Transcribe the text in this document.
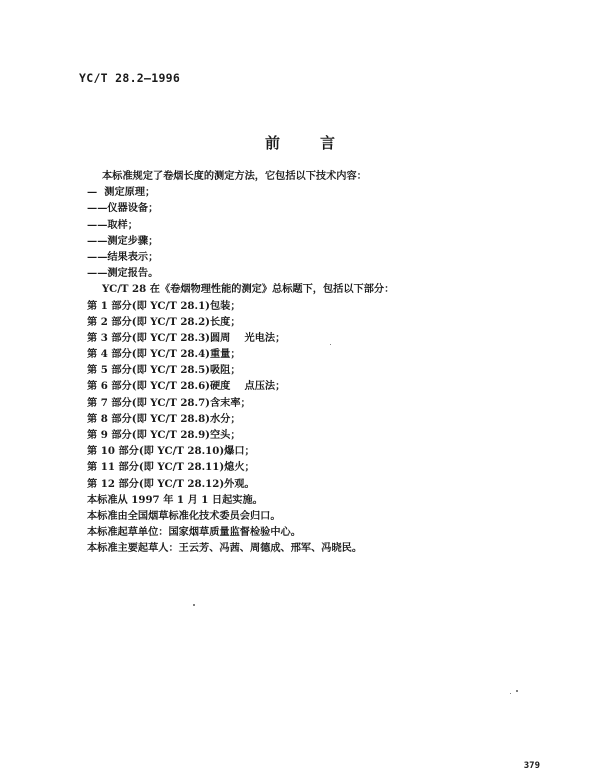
YC/T 28.2—1996
前言
本标准规定了卷烟长度的测定方法，它包括以下技术内容：
—  测定原理；
——仪器设备；
——取样；
——测定步骤；
——结果表示；
——测定报告。
YC/T 28 在《卷烟物理性能的测定》总标题下，包括以下部分：
第 1 部分(即 YC/T 28.1)包装；
第 2 部分(即 YC/T 28.2)长度；
第 3 部分(即 YC/T 28.3)圆周    光电法；
第 4 部分(即 YC/T 28.4)重量；
第 5 部分(即 YC/T 28.5)吸阻；
第 6 部分(即 YC/T 28.6)硬度    点压法；
第 7 部分(即 YC/T 28.7)含末率；
第 8 部分(即 YC/T 28.8)水分；
第 9 部分(即 YC/T 28.9)空头；
第 10 部分(即 YC/T 28.10)爆口；
第 11 部分(即 YC/T 28.11)熄火；
第 12 部分(即 YC/T 28.12)外观。
本标准从 1997 年 1 月 1 日起实施。
本标准由全国烟草标准化技术委员会归口。
本标准起草单位：国家烟草质量监督检验中心。
本标准主要起草人：王云芳、冯茜、周德成、邢军、冯晓民。
379
